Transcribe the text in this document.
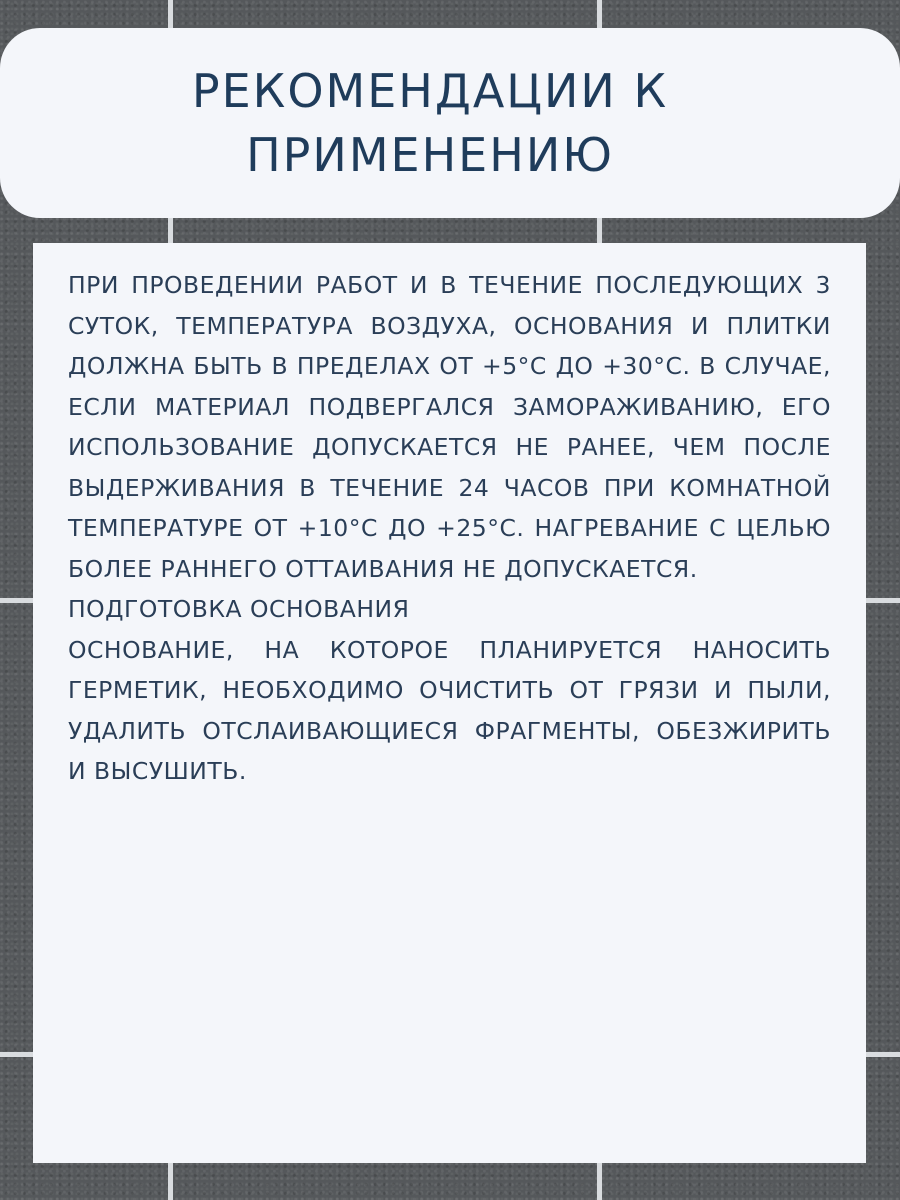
РЕКОМЕНДАЦИИ К ПРИМЕНЕНИЮ

ПРИ ПРОВЕДЕНИИ РАБОТ И В ТЕЧЕНИЕ ПОСЛЕДУЮЩИХ 3 СУТОК, ТЕМПЕРАТУРА ВОЗДУХА, ОСНОВАНИЯ И ПЛИТКИ ДОЛЖНА БЫТЬ В ПРЕДЕЛАХ ОТ +5°С ДО +30°С. В СЛУЧАЕ, ЕСЛИ МАТЕРИАЛ ПОДВЕРГАЛСЯ ЗАМОРАЖИВАНИЮ, ЕГО ИСПОЛЬЗОВАНИЕ ДОПУСКАЕТСЯ НЕ РАНЕЕ, ЧЕМ ПОСЛЕ ВЫДЕРЖИВАНИЯ В ТЕЧЕНИЕ 24 ЧАСОВ ПРИ КОМНАТНОЙ ТЕМПЕРАТУРЕ ОТ +10°С ДО +25°С. НАГРЕВАНИЕ С ЦЕЛЬЮ БОЛЕЕ РАННЕГО ОТТАИВАНИЯ НЕ ДОПУСКАЕТСЯ.

ПОДГОТОВКА ОСНОВАНИЯ

ОСНОВАНИЕ, НА КОТОРОЕ ПЛАНИРУЕТСЯ НАНОСИТЬ ГЕРМЕТИК, НЕОБХОДИМО ОЧИСТИТЬ ОТ ГРЯЗИ И ПЫЛИ, УДАЛИТЬ ОТСЛАИВАЮЩИЕСЯ ФРАГМЕНТЫ, ОБЕЗЖИРИТЬ И ВЫСУШИТЬ.
